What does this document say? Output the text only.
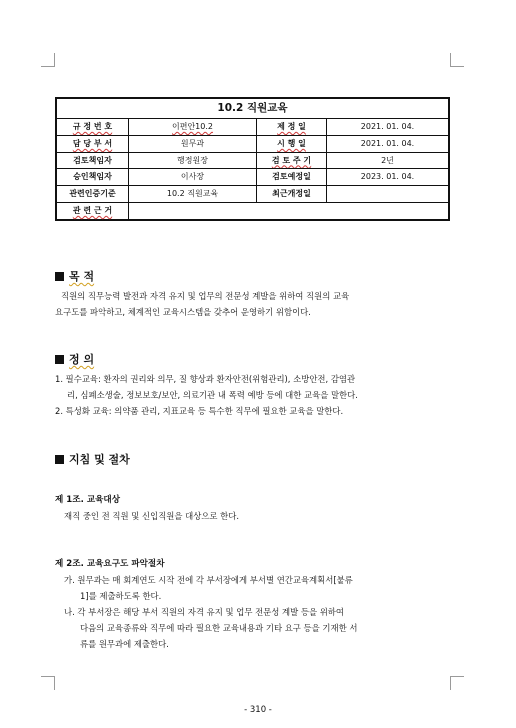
10.2 직원교육
규 정 번 호	이편안10.2	제 정 일	2021. 01. 04.
담 당 부 서	원무과	시 행 일	2021. 01. 04.
검토책임자	행정원장	검 토 주 기	2년
승인책임자	이사장	검토예정일	2023. 01. 04.
관련인증기준	10.2 직원교육	최근개정일
관 련 근 거
목 적
직원의 직무능력 발전과 자격 유지 및 업무의 전문성 계발을 위하여 직원의 교육
요구도를 파악하고, 체계적인 교육시스템을 갖추어 운영하기 위함이다.
정 의
1. 필수교육: 환자의 권리와 의무, 질 향상과 환자안전(위험관리), 소방안전, 감염관
리, 심폐소생술, 정보보호/보안, 의료기관 내 폭력 예방 등에 대한 교육을 말한다.
2. 특성화 교육: 의약품 관리, 지표교육 등 특수한 직무에 필요한 교육을 말한다.
지침 및 절차
제 1조. 교육대상
재직 중인 전 직원 및 신입직원을 대상으로 한다.
제 2조. 교육요구도 파악절차
가. 원무과는 매 회계연도 시작 전에 각 부서장에게 부서별 연간교육계획서[붙류
1]를 제출하도록 한다.
나. 각 부서장은 해당 부서 직원의 자격 유지 및 업무 전문성 계발 등을 위하여
다음의 교육종류와 직무에 따라 필요한 교육내용과 기타 요구 등을 기재한 서
류를 원무과에 제출한다.
- 310 -
